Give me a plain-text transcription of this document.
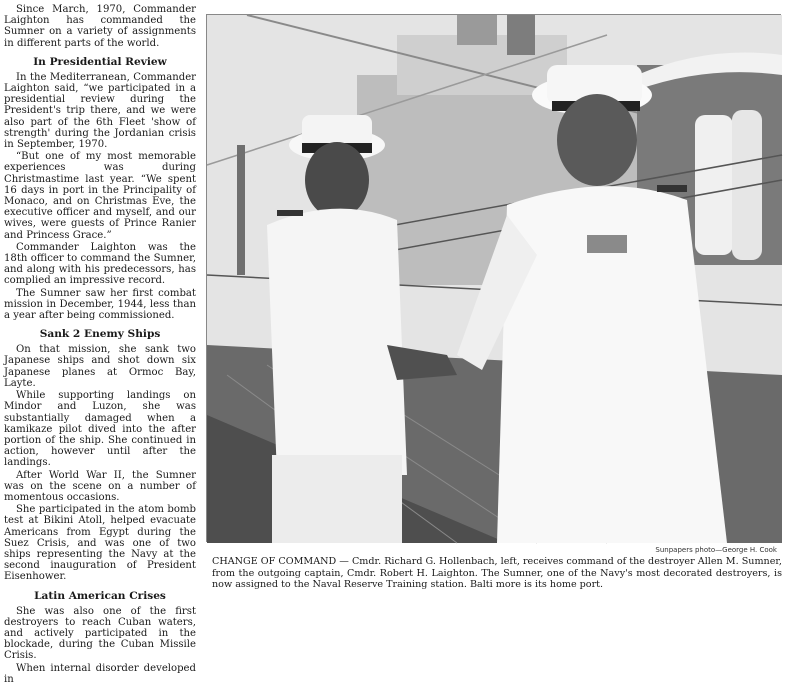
Since March, 1970, Commander Laighton has commanded the Sumner on a variety of assignments in different parts of the world.

In Presidential Review

In the Mediterranean, Commander Laighton said, “we participated in a presidential review during the President's trip there, and we were also part of the 6th Fleet 'show of strength' during the Jordanian crisis in September, 1970.

“But one of my most memorable experiences was during Christmastime last year. “We spent 16 days in port in the Principality of Monaco, and on Christmas Eve, the executive officer and myself, and our wives, were guests of Prince Ranier and Princess Grace.”

Commander Laighton was the 18th officer to command the Sumner, and along with his predecessors, has complied an impressive record.

The Sumner saw her first combat mission in December, 1944, less than a year after being commissioned.

Sank 2 Enemy Ships

On that mission, she sank two Japanese ships and shot down six Japanese planes at Ormoc Bay, Layte.

While supporting landings on Mindor and Luzon, she was substantially damaged when a kamikaze pilot dived into the after portion of the ship. She continued in action, however until after the landings.

After World War II, the Sumner was on the scene on a number of momentous occasions.

She participated in the atom bomb test at Bikini Atoll, helped evacuate Americans from Egypt during the Suez Crisis, and was one of two ships representing the Navy at the second inauguration of President Eisenhower.

Latin American Crises

She was also one of the first destroyers to reach Cuban waters, and actively participated in the blockade, during the Cuban Missile Crisis.

When internal disorder developed in

Sunpapers photo—George H. Cook
CHANGE OF COMMAND — Cmdr. Richard G. Hollenbach, left, receives command of the destroyer Allen M. Sumner, from the outgoing captain, Cmdr. Robert H. Laighton. The Sumner, one of the Navy's most decorated destroyers, is now assigned to the Naval Reserve Training station. Balti more is its home port.
